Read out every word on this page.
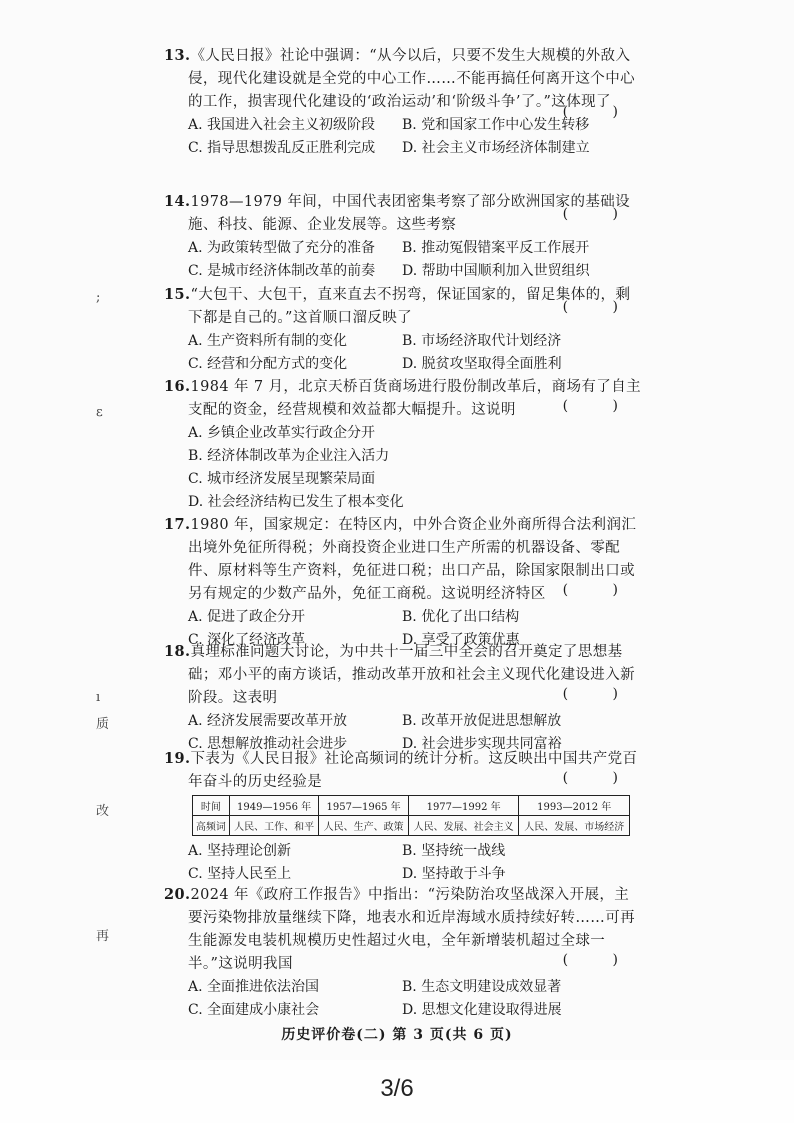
;
ε
ı
质
改
再
13.《人民日报》社论中强调：“从今以后，只要不发生大规模的外敌入侵，现代化建设就是全党的中心工作……不能再搞任何离开这个中心的工作，损害现代化建设的‘政治运动’和‘阶级斗争’了。”这体现了
( )
A. 我国进入社会主义初级阶段 B. 党和国家工作中心发生转移
C. 指导思想拨乱反正胜利完成 D. 社会主义市场经济体制建立
14.1978—1979 年间，中国代表团密集考察了部分欧洲国家的基础设施、科技、能源、企业发展等。这些考察
( )
A. 为政策转型做了充分的准备 B. 推动冤假错案平反工作展开
C. 是城市经济体制改革的前奏 D. 帮助中国顺利加入世贸组织
15.“大包干、大包干，直来直去不拐弯，保证国家的，留足集体的，剩下都是自己的。”这首顺口溜反映了
( )
A. 生产资料所有制的变化	B. 市场经济取代计划经济
C. 经营和分配方式的变化	D. 脱贫攻坚取得全面胜利
16.1984 年 7 月，北京天桥百货商场进行股份制改革后，商场有了自主支配的资金，经营规模和效益都大幅提升。这说明	( )
A. 乡镇企业改革实行政企分开
B. 经济体制改革为企业注入活力
C. 城市经济发展呈现繁荣局面
D. 社会经济结构已发生了根本变化
17.1980 年，国家规定：在特区内，中外合资企业外商所得合法利润汇出境外免征所得税；外商投资企业进口生产所需的机器设备、零配件、原材料等生产资料，免征进口税；出口产品，除国家限制出口或另有规定的少数产品外，免征工商税。这说明经济特区	( )
A. 促进了政企分开	B. 优化了出口结构
C. 深化了经济改革	D. 享受了政策优惠
18.真理标准问题大讨论，为中共十一届三中全会的召开奠定了思想基础；邓小平的南方谈话，推动改革开放和社会主义现代化建设进入新阶段。这表明	( )
A. 经济发展需要改革开放	B. 改革开放促进思想解放
C. 思想解放推动社会进步	D. 社会进步实现共同富裕
19.下表为《人民日报》社论高频词的统计分析。这反映出中国共产党百年奋斗的历史经验是	( )
时间	1949—1956 年	1957—1965 年	1977—1992 年	1993—2012 年
高频词	人民、工作、和平	人民、生产、政策	人民、发展、社会主义	人民、发展、市场经济
A. 坚持理论创新	B. 坚持统一战线
C. 坚持人民至上	D. 坚持敢于斗争
20.2024 年《政府工作报告》中指出：“污染防治攻坚战深入开展，主要污染物排放量继续下降，地表水和近岸海域水质持续好转……可再生能源发电装机规模历史性超过火电，全年新增装机超过全球一半。”这说明我国	( )
A. 全面推进依法治国	B. 生态文明建设成效显著
C. 全面建成小康社会	D. 思想文化建设取得进展
历史评价卷(二) 第 3 页(共 6 页)
3/6
